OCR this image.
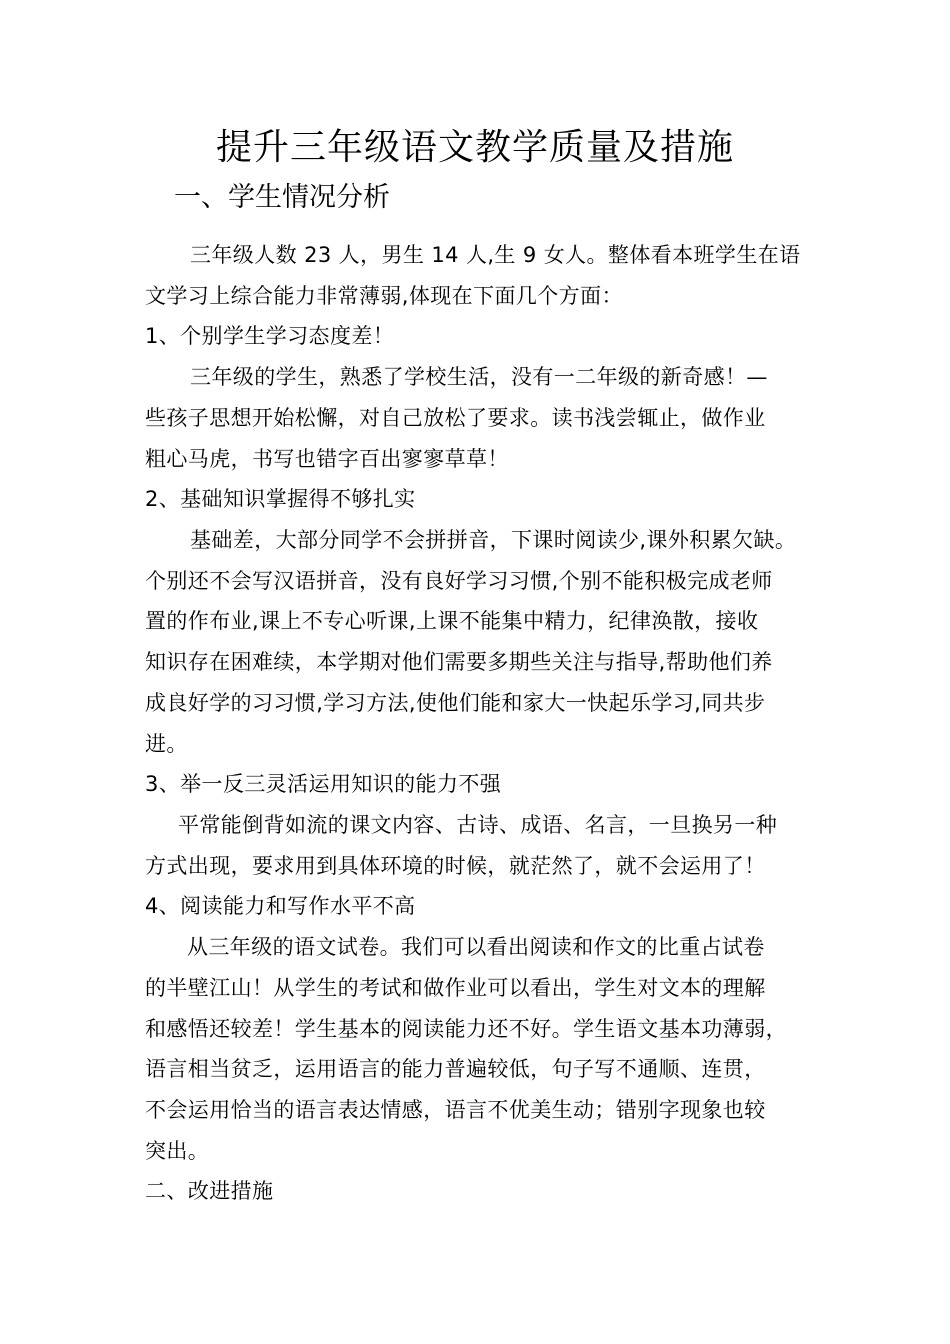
提升三年级语文教学质量及措施
一、学生情况分析
三年级人数 23 人，男生 14 人,生 9 女人。整体看本班学生在语
文学习上综合能力非常薄弱,体现在下面几个方面：
1、个别学生学习态度差！
三年级的学生，熟悉了学校生活，没有一二年级的新奇感！—
些孩子思想开始松懈，对自己放松了要求。读书浅尝辄止，做作业
粗心马虎，书写也错字百出寥寥草草！
2、基础知识掌握得不够扎实
基础差，大部分同学不会拼拼音，下课时阅读少,课外积累欠缺。
个别还不会写汉语拼音，没有良好学习习惯,个别不能积极完成老师
置的作布业,课上不专心听课,上课不能集中精力，纪律涣散，接收
知识存在困难续，本学期对他们需要多期些关注与指导,帮助他们养
成良好学的习习惯,学习方法,使他们能和家大一快起乐学习,同共步
进。
3、举一反三灵活运用知识的能力不强
平常能倒背如流的课文内容、古诗、成语、名言，一旦换另一种
方式出现，要求用到具体环境的时候，就茫然了，就不会运用了！
4、阅读能力和写作水平不高
从三年级的语文试卷。我们可以看出阅读和作文的比重占试卷
的半壁江山！从学生的考试和做作业可以看出，学生对文本的理解
和感悟还较差！学生基本的阅读能力还不好。学生语文基本功薄弱，
语言相当贫乏，运用语言的能力普遍较低，句子写不通顺、连贯，
不会运用恰当的语言表达情感，语言不优美生动；错别字现象也较
突出。
二、改进措施
